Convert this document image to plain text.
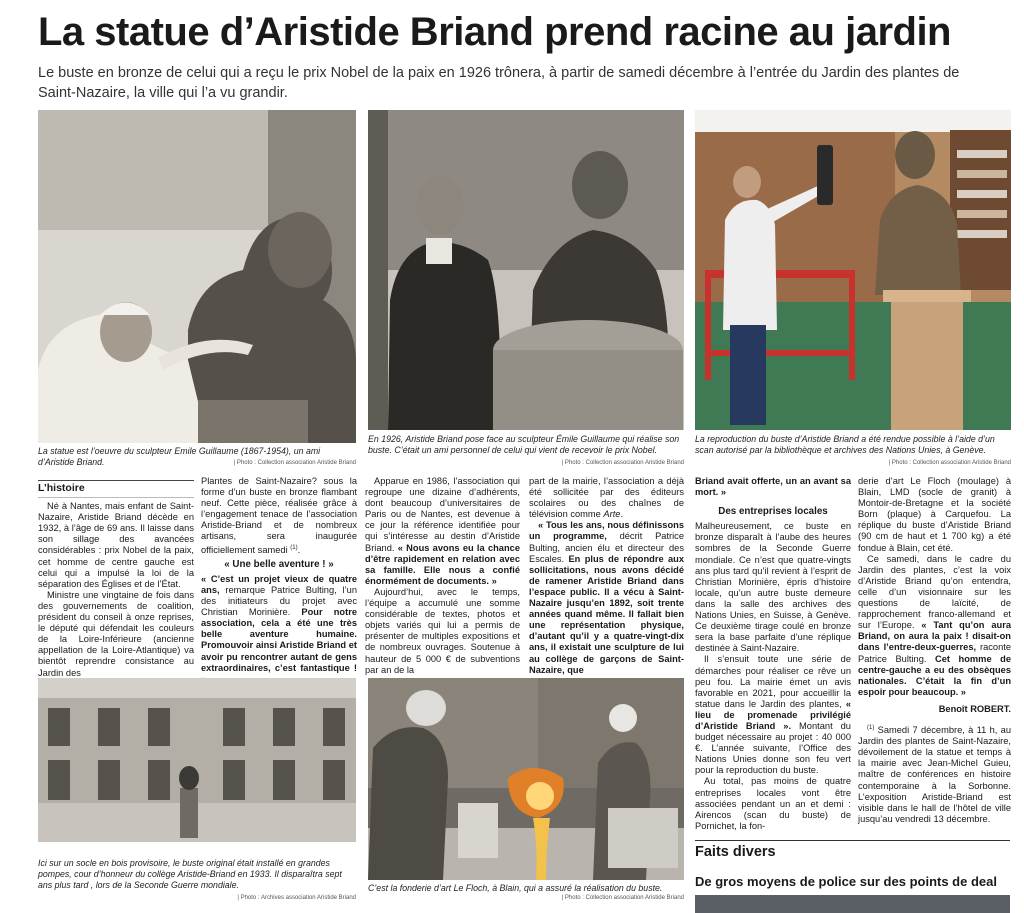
La statue d’Aristide Briand prend racine au jardin
Le buste en bronze de celui qui a reçu le prix Nobel de la paix en 1926 trônera, à partir de samedi décembre à l’entrée du Jardin des plantes de Saint-Nazaire, la ville qui l’a vu grandir.
La statue est l’oeuvre du sculpteur Emile Guillaume (1867-1954), un ami d’Aristide Briand.	| Photo : Collection association Aristide Briand
En 1926, Aristide Briand pose face au sculpteur Émile Guillaume qui réalise son buste. C’était un ami personnel de celui qui vient de recevoir le prix Nobel.
| Photo : Collection association Aristide Briand
La reproduction du buste d’Aristide Briand a été rendue possible à l’aide d’un scan autorisé par la bibliothèque et archives des Nations Unies, à Genève.
| Photo : Collection association Aristide Briand
L’histoire

Né à Nantes, mais enfant de Saint-Nazaire, Aristide Briand décède en 1932, à l’âge de 69 ans. Il laisse dans son sillage des avancées considérables : prix Nobel de la paix, cet homme de centre gauche est celui qui a impulsé la loi de la séparation des Églises et de l’État.

Ministre une vingtaine de fois dans des gouvernements de coalition, président du conseil à onze reprises, le député qui défendait les couleurs de la Loire-Inférieure (ancienne appellation de la Loire-Atlantique) va bientôt reprendre consistance au Jardin des

Plantes de Saint-Nazaire? sous la forme d’un buste en bronze flambant neuf. Cette pièce, réalisée grâce à l’engagement tenace de l’association Aristide-Briand et de nombreux artisans, sera inaugurée officiellement samedi $^{(1)}$.

« Une belle aventure ! »

« C’est un projet vieux de quatre ans, remarque Patrice Bulting, l’un des initiateurs du projet avec Christian Morinière. Pour notre association, cela a été une très belle aventure humaine. Promouvoir ainsi Aristide Briand et avoir pu rencontrer autant de gens extraordinaires, c’est fantastique !

Apparue en 1986, l’association qui regroupe une dizaine d’adhérents, dont beaucoup d’universitaires de Paris ou de Nantes, est devenue à ce jour la référence identifiée pour qui s’intéresse au destin d’Aristide Briand. « Nous avons eu la chance d’être rapidement en relation avec sa famille. Elle nous a confié énormément de documents. »

Aujourd’hui, avec le temps, l’équipe a accumulé une somme considérable de textes, photos et objets variés qui lui a permis de présenter de multiples expositions et de nombreux ouvrages. Soutenue à hauteur de 5 000 € de subventions par an de la

part de la mairie, l’association a déjà été sollicitée par des éditeurs scolaires ou des chaînes de télévision comme Arte.

« Tous les ans, nous définissons un programme, décrit Patrice Bulting, ancien élu et directeur des Escales. En plus de répondre aux sollicitations, nous avons décidé de ramener Aristide Briand dans l’espace public. Il a vécu à Saint-Nazaire jusqu’en 1892, soit trente années quand même. Il fallait bien une représentation physique, d’autant qu’il y a quatre-vingt-dix ans, il existait une sculpture de lui au collège de garçons de Saint-Nazaire, que

Briand avait offerte, un an avant sa mort. »

Des entreprises locales

Malheureusement, ce buste en bronze disparaît à l’aube des heures sombres de la Seconde Guerre mondiale. Ce n’est que quatre-vingts ans plus tard qu’il revient à l’esprit de Christian Morinière, épris d’histoire locale, qu’un autre buste demeure dans la salle des archives des Nations Unies, en Suisse, à Genève. Ce deuxième tirage coulé en bronze sera la base parfaite d’une réplique destinée à Saint-Nazaire.

Il s’ensuit toute une série de démarches pour réaliser ce rêve un peu fou. La mairie émet un avis favorable en 2021, pour accueillir la statue dans le Jardin des plantes, « lieu de promenade privilégié d’Aristide Briand ». Montant du budget nécessaire au projet : 40 000 €. L’année suivante, l’Office des Nations Unies donne son feu vert pour la reproduction du buste.

Au total, pas moins de quatre entreprises locales vont être associées pendant un an et demi : Airencos (scan du buste) de Pornichet, la fon-

derie d’art Le Floch (moulage) à Blain, LMD (socle de granit) à Montoir-de-Bretagne et la société Born (plaque) à Carquefou. La réplique du buste d’Aristide Briand (90 cm de haut et 1 700 kg) a été fondue à Blain, cet été.

Ce samedi, dans le cadre du Jardin des plantes, c’est la voix d’Aristide Briand qu’on entendra, celle d’un visionnaire sur les questions de laïcité, de rapprochement franco-allemand et sur l’Europe. « Tant qu’on aura Briand, on aura la paix ! disait-on dans l’entre-deux-guerres, raconte Patrice Bulting. Cet homme de centre-gauche a eu des obsèques nationales. C’était la fin d’un espoir pour beaucoup. »

Benoît ROBERT.

$^{(1)}$ Samedi 7 décembre, à 11 h, au Jardin des plantes de Saint-Nazaire, dévoilement de la statue et temps à la mairie avec Jean-Michel Guieu, maître de conférences en histoire contemporaine à la Sorbonne. L’exposition Aristide-Briand est visible dans le hall de l’hôtel de ville jusqu’au vendredi 13 décembre.

Ici sur un socle en bois provisoire, le buste original était installé en grandes pompes, cour d’honneur du collège Aristide-Briand en 1933. Il disparaîtra sept ans plus tard , lors de la Seconde Guerre mondiale.
| Photo : Archives association Aristide Briand
C’est la fonderie d’art Le Floch, à Blain, qui a assuré la réalisation du buste.
| Photo : Collection association Aristide Briand
Faits divers
De gros moyens de police sur des points de deal
